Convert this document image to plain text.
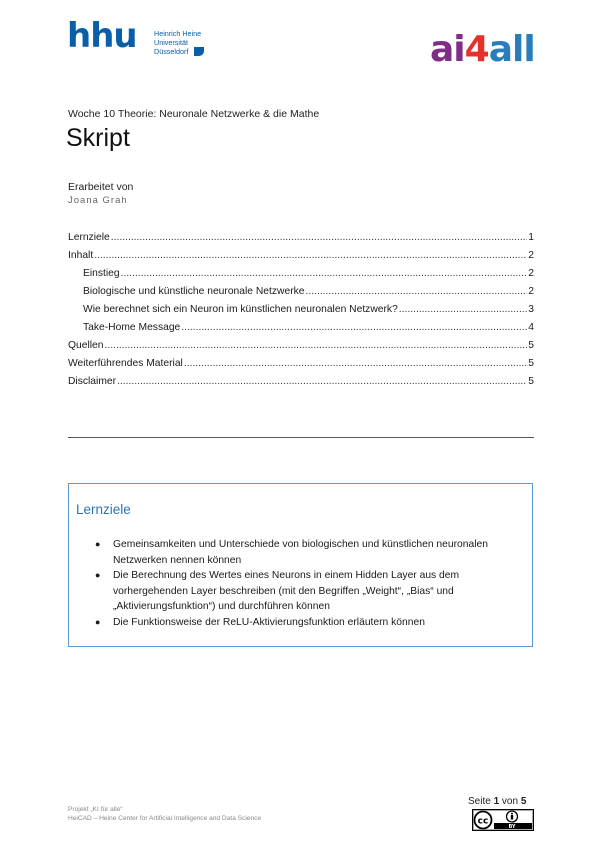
hhu Heinrich Heine
Universität
Düsseldorf	ai4all
Woche 10 Theorie: Neuronale Netzwerke & die Mathe
Skript
Erarbeitet von
Joana Grah
Lernziele .....	1
Inhalt .....	2
Einstieg .....	2
Biologische und künstliche neuronale Netzwerke .....	2
Wie berechnet sich ein Neuron im künstlichen neuronalen Netzwerk? .....	3
Take-Home Message .....	4
Quellen .....	5
Weiterführendes Material .....	5
Disclaimer .....	5
Lernziele
●	Gemeinsamkeiten und Unterschiede von biologischen und künstlichen neuronalen Netzwerken nennen können
●	Die Berechnung des Wertes eines Neurons in einem Hidden Layer aus dem vorhergehenden Layer beschreiben (mit den Begriffen „Weight“, „Bias“ und „Aktivierungsfunktion“) und durchführen können
●	Die Funktionsweise der ReLU-Aktivierungsfunktion erläutern können
Projekt „KI für alle“
HeiCAD – Heine Center for Artificial Intelligence and Data Science
Seite 1 von 5
cc
BY
